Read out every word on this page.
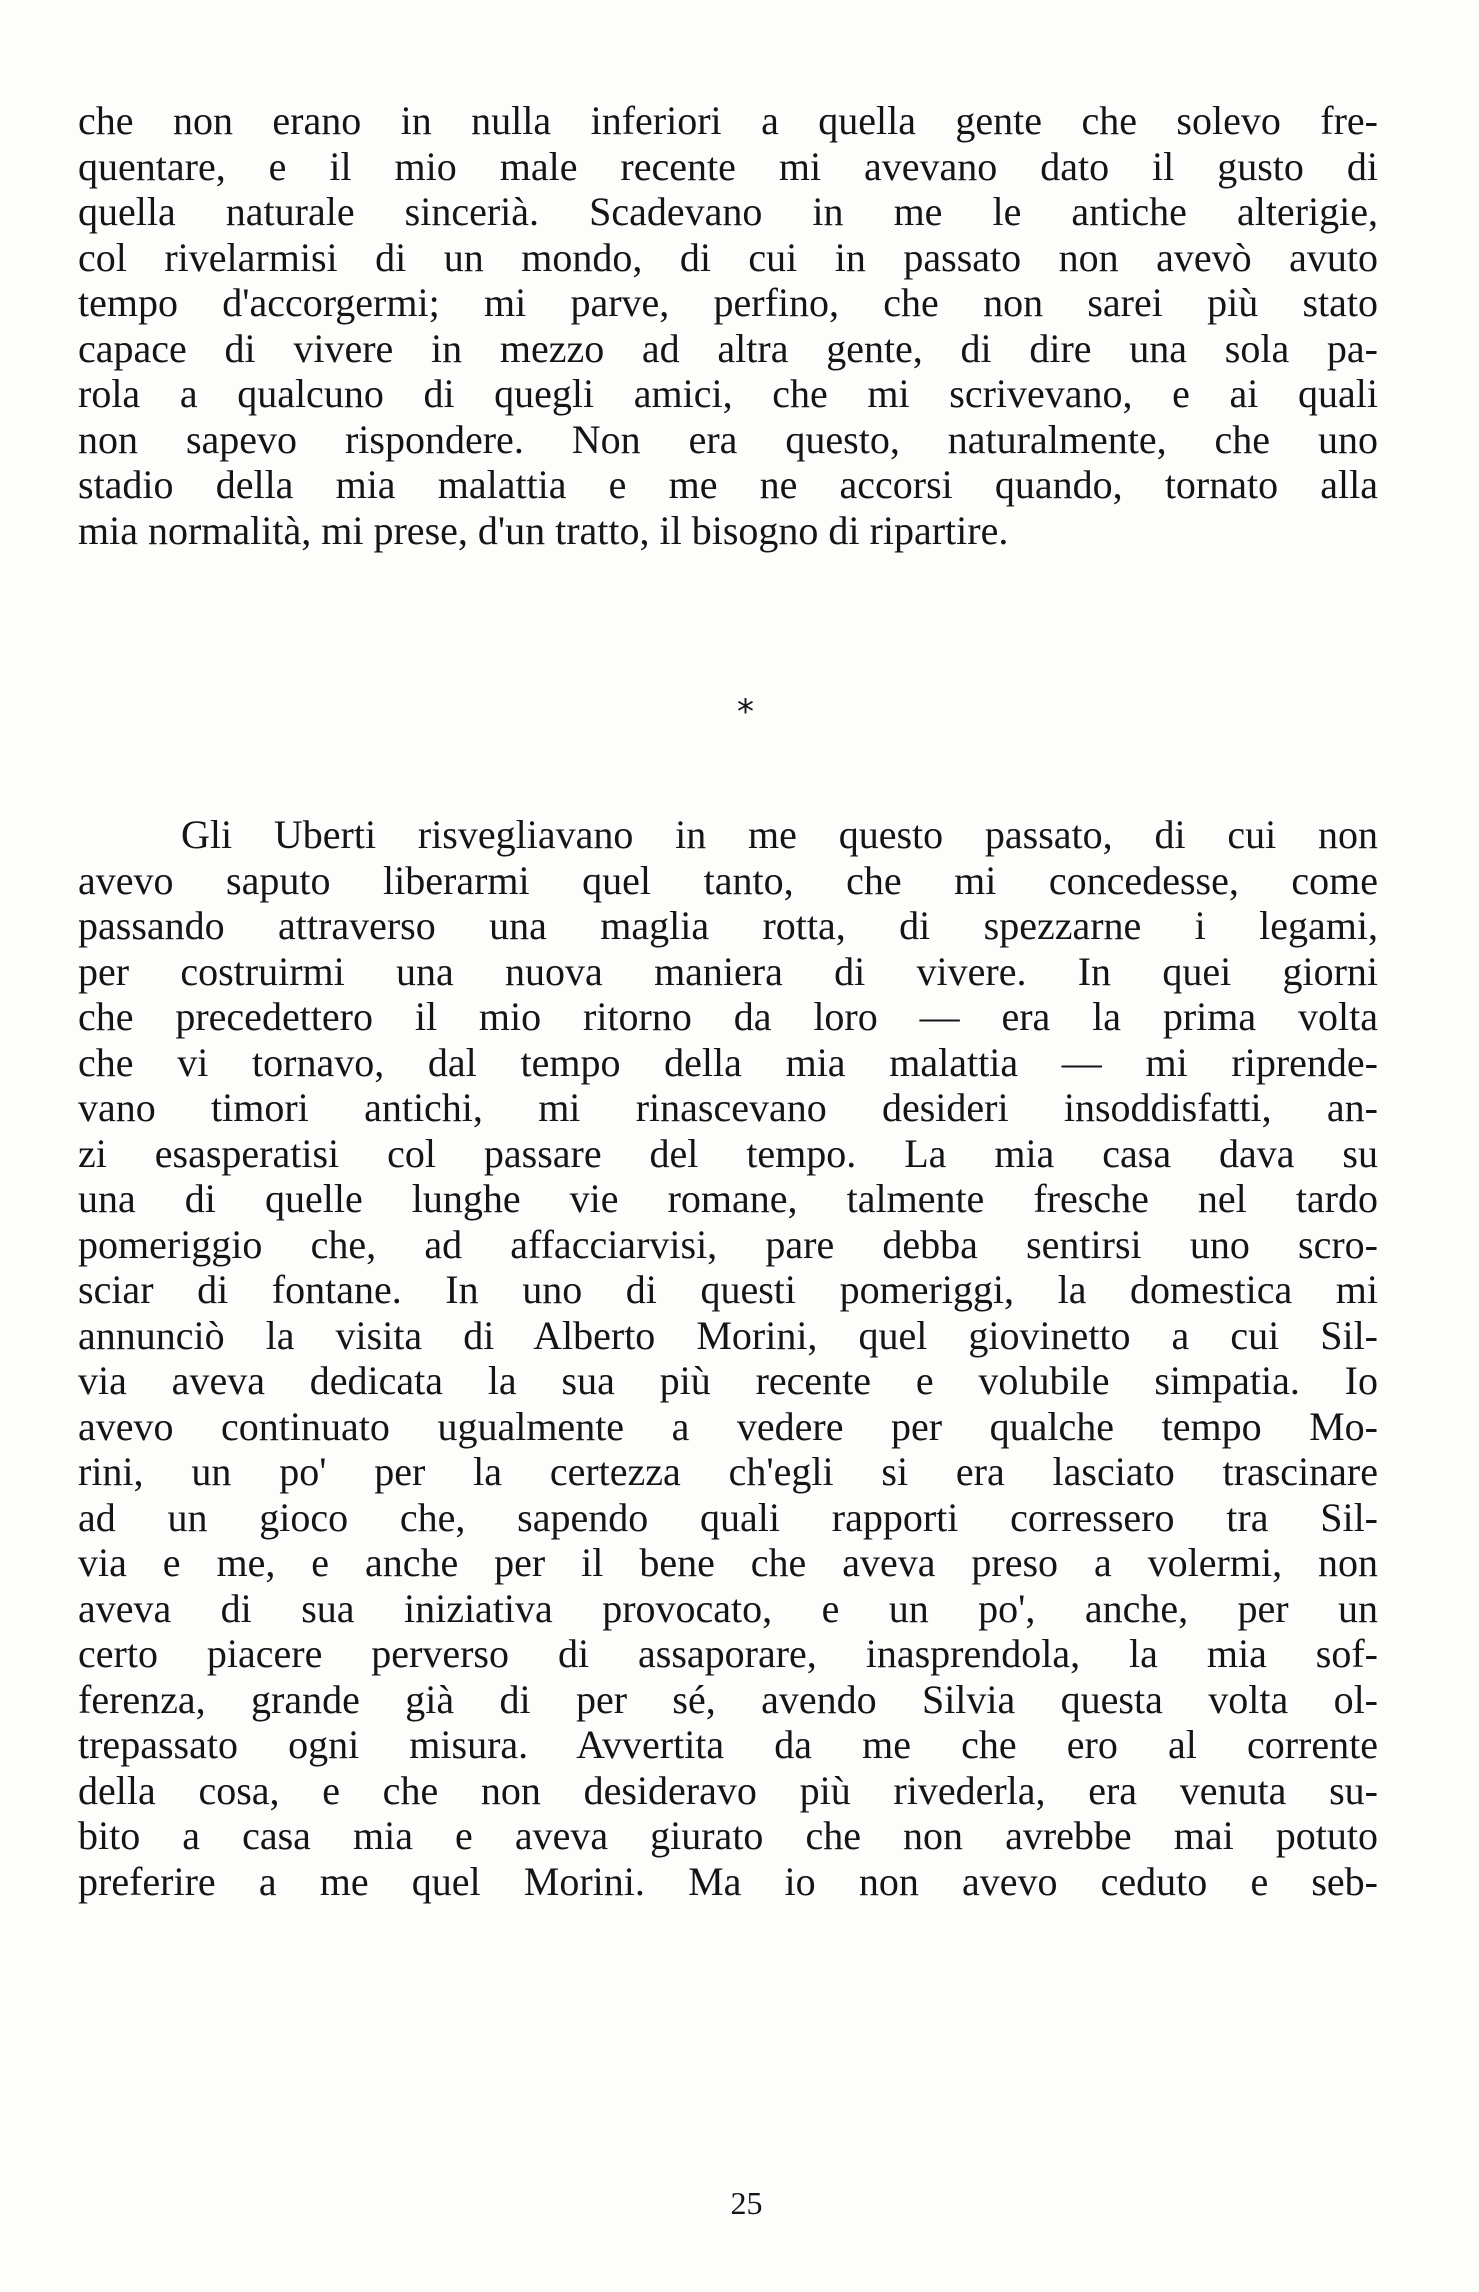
che non erano in nulla inferiori a quella gente che solevo fre-

quentare, e il mio male recente mi avevano dato il gusto di

quella naturale sincerià. Scadevano in me le antiche alterigie,

col rivelarmisi di un mondo, di cui in passato non avevò avuto

tempo d'accorgermi; mi parve, perfino, che non sarei più stato

capace di vivere in mezzo ad altra gente, di dire una sola pa-

rola a qualcuno di quegli amici, che mi scrivevano, e ai quali

non sapevo rispondere. Non era questo, naturalmente, che uno

stadio della mia malattia e me ne accorsi quando, tornato alla

mia normalità, mi prese, d'un tratto, il bisogno di ripartire.

*

Gli Uberti risvegliavano in me questo passato, di cui non

avevo saputo liberarmi quel tanto, che mi concedesse, come

passando attraverso una maglia rotta, di spezzarne i legami,

per costruirmi una nuova maniera di vivere. In quei giorni

che precedettero il mio ritorno da loro — era la prima volta

che vi tornavo, dal tempo della mia malattia — mi riprende-

vano timori antichi, mi rinascevano desideri insoddisfatti, an-

zi esasperatisi col passare del tempo. La mia casa dava su

una di quelle lunghe vie romane, talmente fresche nel tardo

pomeriggio che, ad affacciarvisi, pare debba sentirsi uno scro-

sciar di fontane. In uno di questi pomeriggi, la domestica mi

annunciò la visita di Alberto Morini, quel giovinetto a cui Sil-

via aveva dedicata la sua più recente e volubile simpatia. Io

avevo continuato ugualmente a vedere per qualche tempo Mo-

rini, un po' per la certezza ch'egli si era lasciato trascinare

ad un gioco che, sapendo quali rapporti corressero tra Sil-

via e me, e anche per il bene che aveva preso a volermi, non

aveva di sua iniziativa provocato, e un po', anche, per un

certo piacere perverso di assaporare, inasprendola, la mia sof-

ferenza, grande già di per sé, avendo Silvia questa volta ol-

trepassato ogni misura. Avvertita da me che ero al corrente

della cosa, e che non desideravo più rivederla, era venuta su-

bito a casa mia e aveva giurato che non avrebbe mai potuto

preferire a me quel Morini. Ma io non avevo ceduto e seb-

25
